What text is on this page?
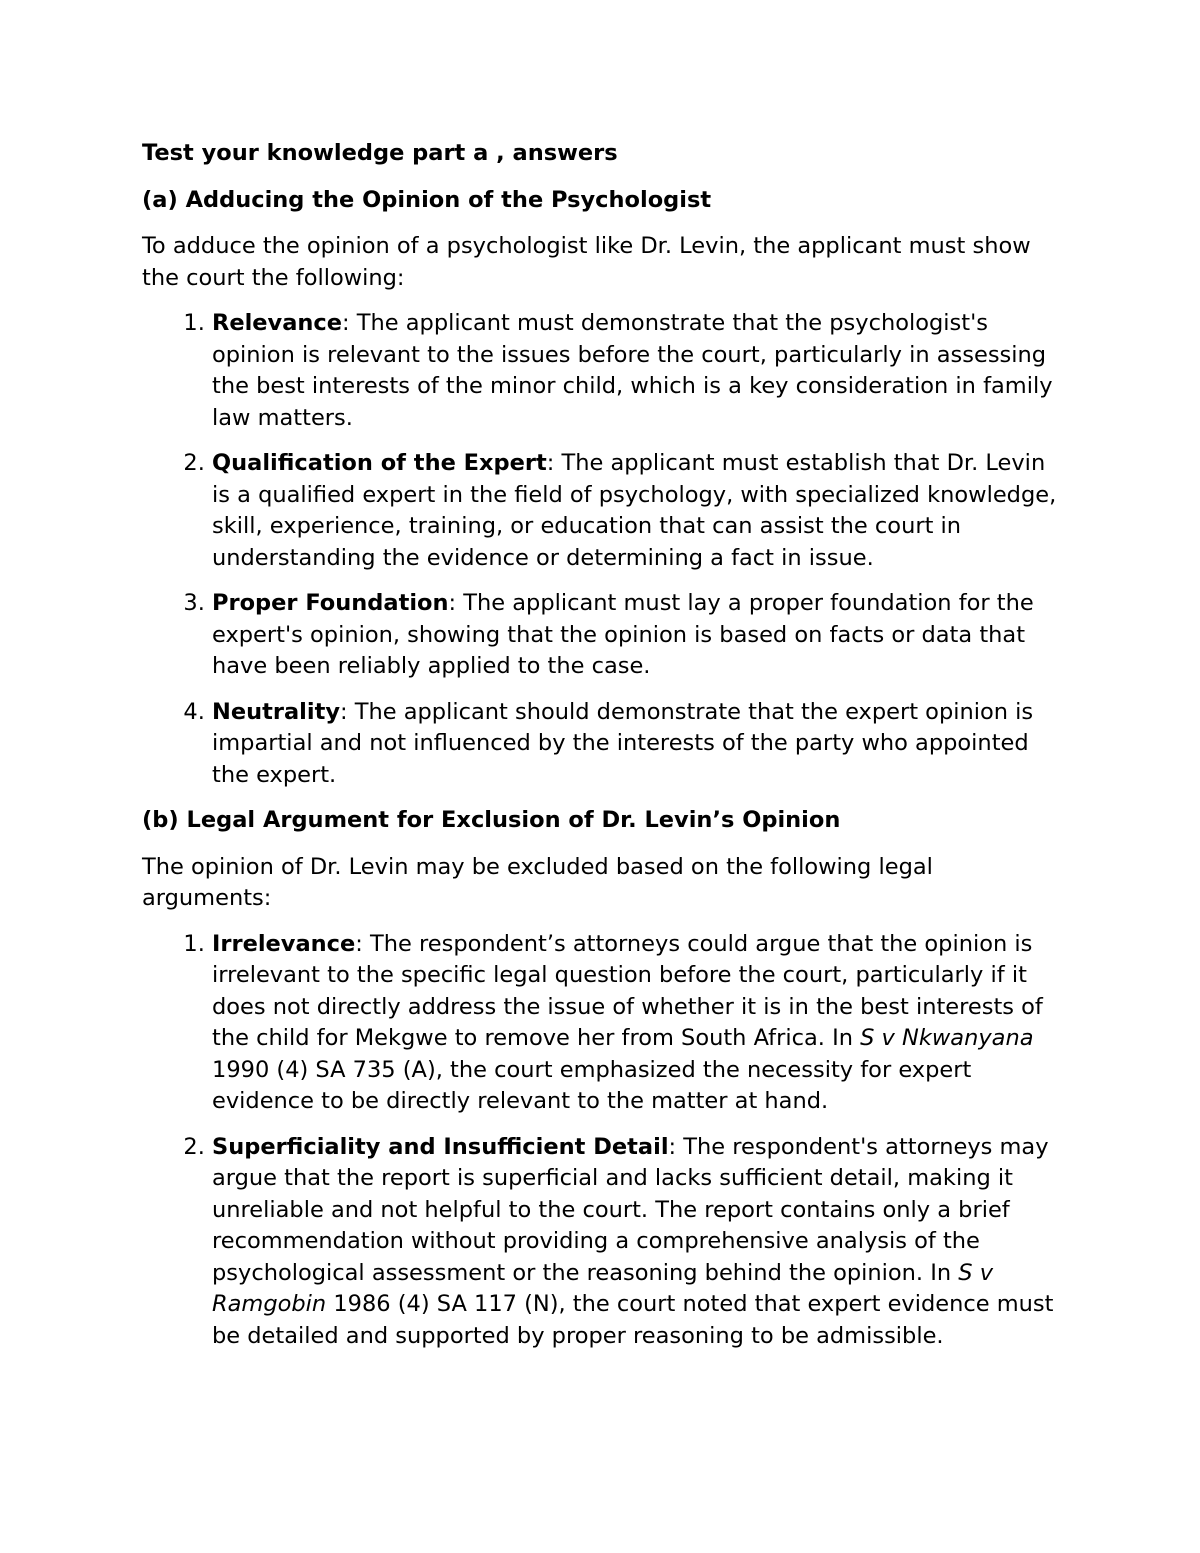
Test your knowledge part a , answers
(a) Adducing the Opinion of the Psychologist
To adduce the opinion of a psychologist like Dr. Levin, the applicant must show the court the following:
1. Relevance: The applicant must demonstrate that the psychologist's opinion is relevant to the issues before the court, particularly in assessing the best interests of the minor child, which is a key consideration in family law matters.
2. Qualification of the Expert: The applicant must establish that Dr. Levin is a qualified expert in the field of psychology, with specialized knowledge, skill, experience, training, or education that can assist the court in understanding the evidence or determining a fact in issue.
3. Proper Foundation: The applicant must lay a proper foundation for the expert's opinion, showing that the opinion is based on facts or data that have been reliably applied to the case.
4. Neutrality: The applicant should demonstrate that the expert opinion is impartial and not influenced by the interests of the party who appointed the expert.
(b) Legal Argument for Exclusion of Dr. Levin’s Opinion
The opinion of Dr. Levin may be excluded based on the following legal arguments:
1. Irrelevance: The respondent’s attorneys could argue that the opinion is irrelevant to the specific legal question before the court, particularly if it does not directly address the issue of whether it is in the best interests of the child for Mekgwe to remove her from South Africa. In S v Nkwanyana 1990 (4) SA 735 (A), the court emphasized the necessity for expert evidence to be directly relevant to the matter at hand.
2. Superficiality and Insufficient Detail: The respondent's attorneys may argue that the report is superficial and lacks sufficient detail, making it unreliable and not helpful to the court. The report contains only a brief recommendation without providing a comprehensive analysis of the psychological assessment or the reasoning behind the opinion. In S v Ramgobin 1986 (4) SA 117 (N), the court noted that expert evidence must be detailed and supported by proper reasoning to be admissible.
